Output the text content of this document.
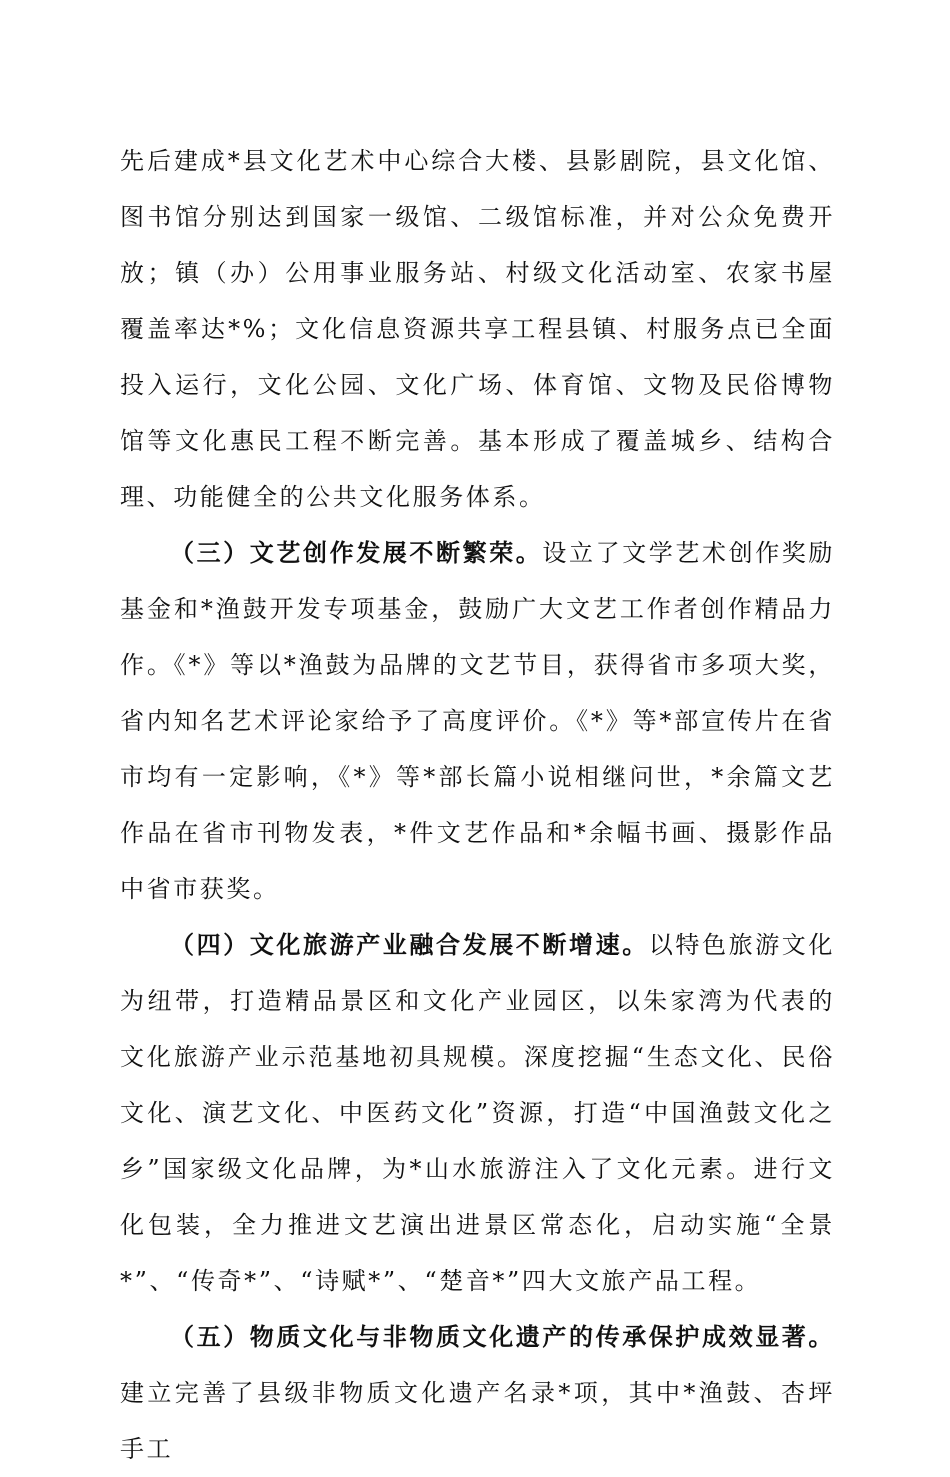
先后建成*县文化艺术中心综合大楼、县影剧院，县文化馆、图书馆分别达到国家一级馆、二级馆标准，并对公众免费开放；镇（办）公用事业服务站、村级文化活动室、农家书屋覆盖率达*%；文化信息资源共享工程县镇、村服务点已全面投入运行，文化公园、文化广场、体育馆、文物及民俗博物馆等文化惠民工程不断完善。基本形成了覆盖城乡、结构合理、功能健全的公共文化服务体系。

（三）文艺创作发展不断繁荣。设立了文学艺术创作奖励基金和*渔鼓开发专项基金，鼓励广大文艺工作者创作精品力作。《*》等以*渔鼓为品牌的文艺节目，获得省市多项大奖，省内知名艺术评论家给予了高度评价。《*》等*部宣传片在省市均有一定影响，《*》等*部长篇小说相继问世，*余篇文艺作品在省市刊物发表，*件文艺作品和*余幅书画、摄影作品中省市获奖。

（四）文化旅游产业融合发展不断增速。以特色旅游文化为纽带，打造精品景区和文化产业园区，以朱家湾为代表的文化旅游产业示范基地初具规模。深度挖掘“生态文化、民俗文化、演艺文化、中医药文化”资源，打造“中国渔鼓文化之乡”国家级文化品牌，为*山水旅游注入了文化元素。进行文化包装，全力推进文艺演出进景区常态化，启动实施“全景*”、“传奇*”、“诗赋*”、“楚音*”四大文旅产品工程。

（五）物质文化与非物质文化遗产的传承保护成效显著。建立完善了县级非物质文化遗产名录*项，其中*渔鼓、杏坪手工
